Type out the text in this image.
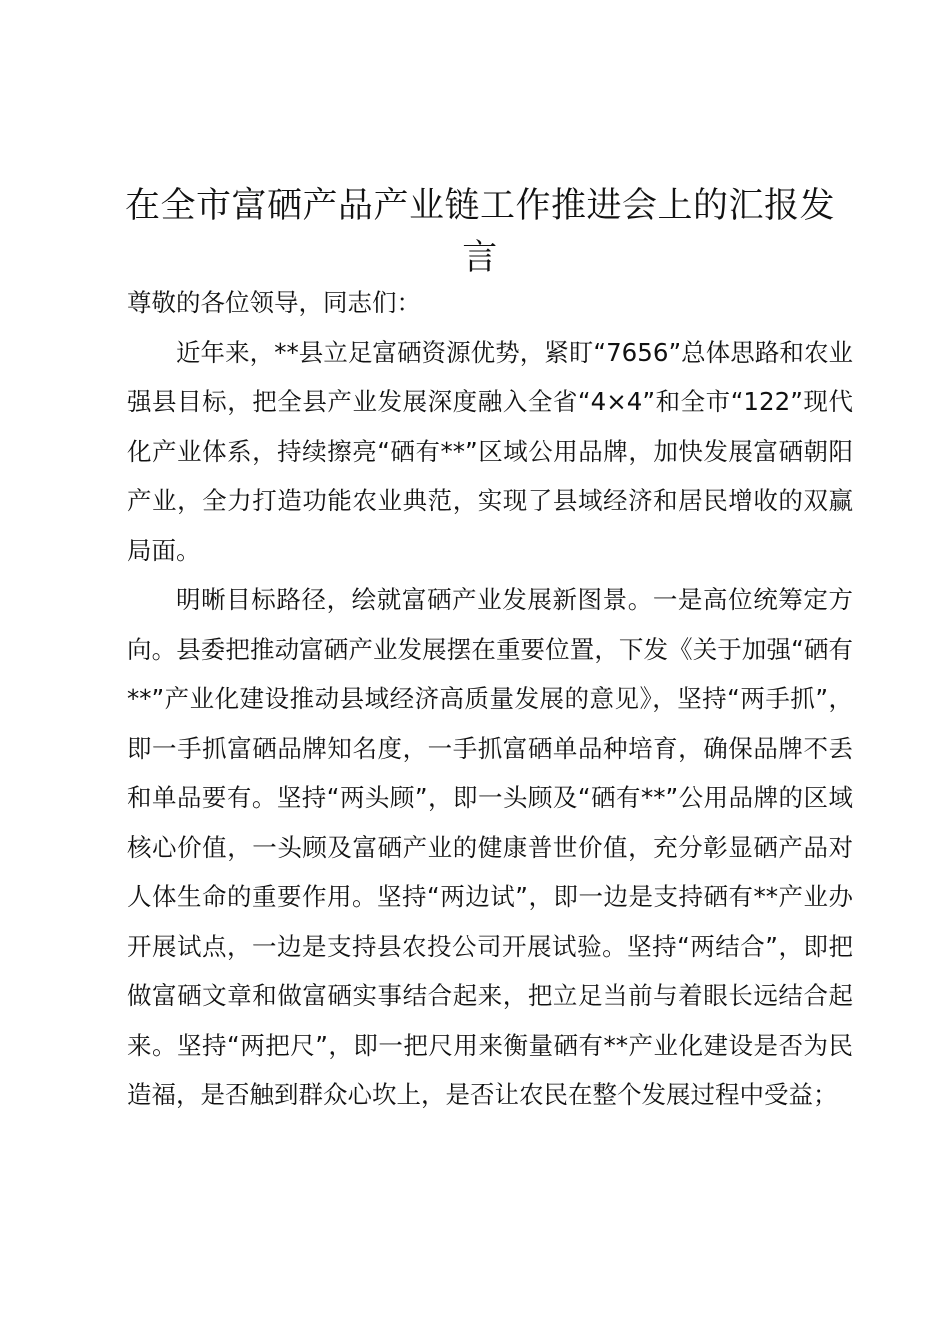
在全市富硒产品产业链工作推进会上的汇报发言

尊敬的各位领导，同志们：

近年来，**县立足富硒资源优势，紧盯“7656”总体思路和农业强县目标，把全县产业发展深度融入全省“4×4”和全市“122”现代化产业体系，持续擦亮“硒有**”区域公用品牌，加快发展富硒朝阳产业，全力打造功能农业典范，实现了县域经济和居民增收的双赢局面。

明晰目标路径，绘就富硒产业发展新图景。一是高位统筹定方向。县委把推动富硒产业发展摆在重要位置，下发《关于加强“硒有**”产业化建设推动县域经济高质量发展的意见》，坚持“两手抓”，即一手抓富硒品牌知名度，一手抓富硒单品种培育，确保品牌不丢和单品要有。坚持“两头顾”，即一头顾及“硒有**”公用品牌的区域核心价值，一头顾及富硒产业的健康普世价值，充分彰显硒产品对人体生命的重要作用。坚持“两边试”，即一边是支持硒有**产业办开展试点，一边是支持县农投公司开展试验。坚持“两结合”，即把做富硒文章和做富硒实事结合起来，把立足当前与着眼长远结合起来。坚持“两把尺”，即一把尺用来衡量硒有**产业化建设是否为民造福，是否触到群众心坎上，是否让农民在整个发展过程中受益；
